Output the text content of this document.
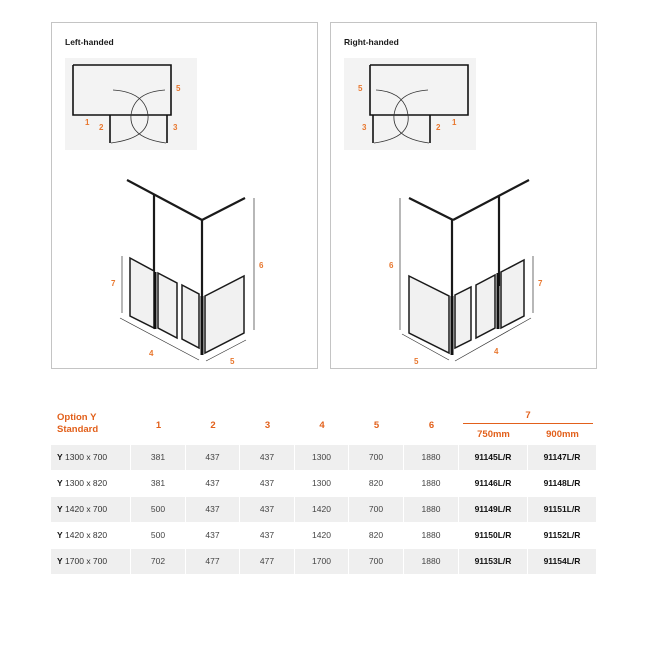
Left-handed
1
2	3
5
7
4
5
6
Right-handed
5
3	2
1
6
7
5
4
Option Y
Standard	1	2	3	4	5	6
7
750mm	900mm
Y 1300 x 700	381	437	437	1300	700	1880	91145L/R	91147L/R
Y 1300 x 820	381	437	437	1300	820	1880	91146L/R	91148L/R
Y 1420 x 700	500	437	437	1420	700	1880	91149L/R	91151L/R
Y 1420 x 820	500	437	437	1420	820	1880	91150L/R	91152L/R
Y 1700 x 700	702	477	477	1700	700	1880	91153L/R	91154L/R
